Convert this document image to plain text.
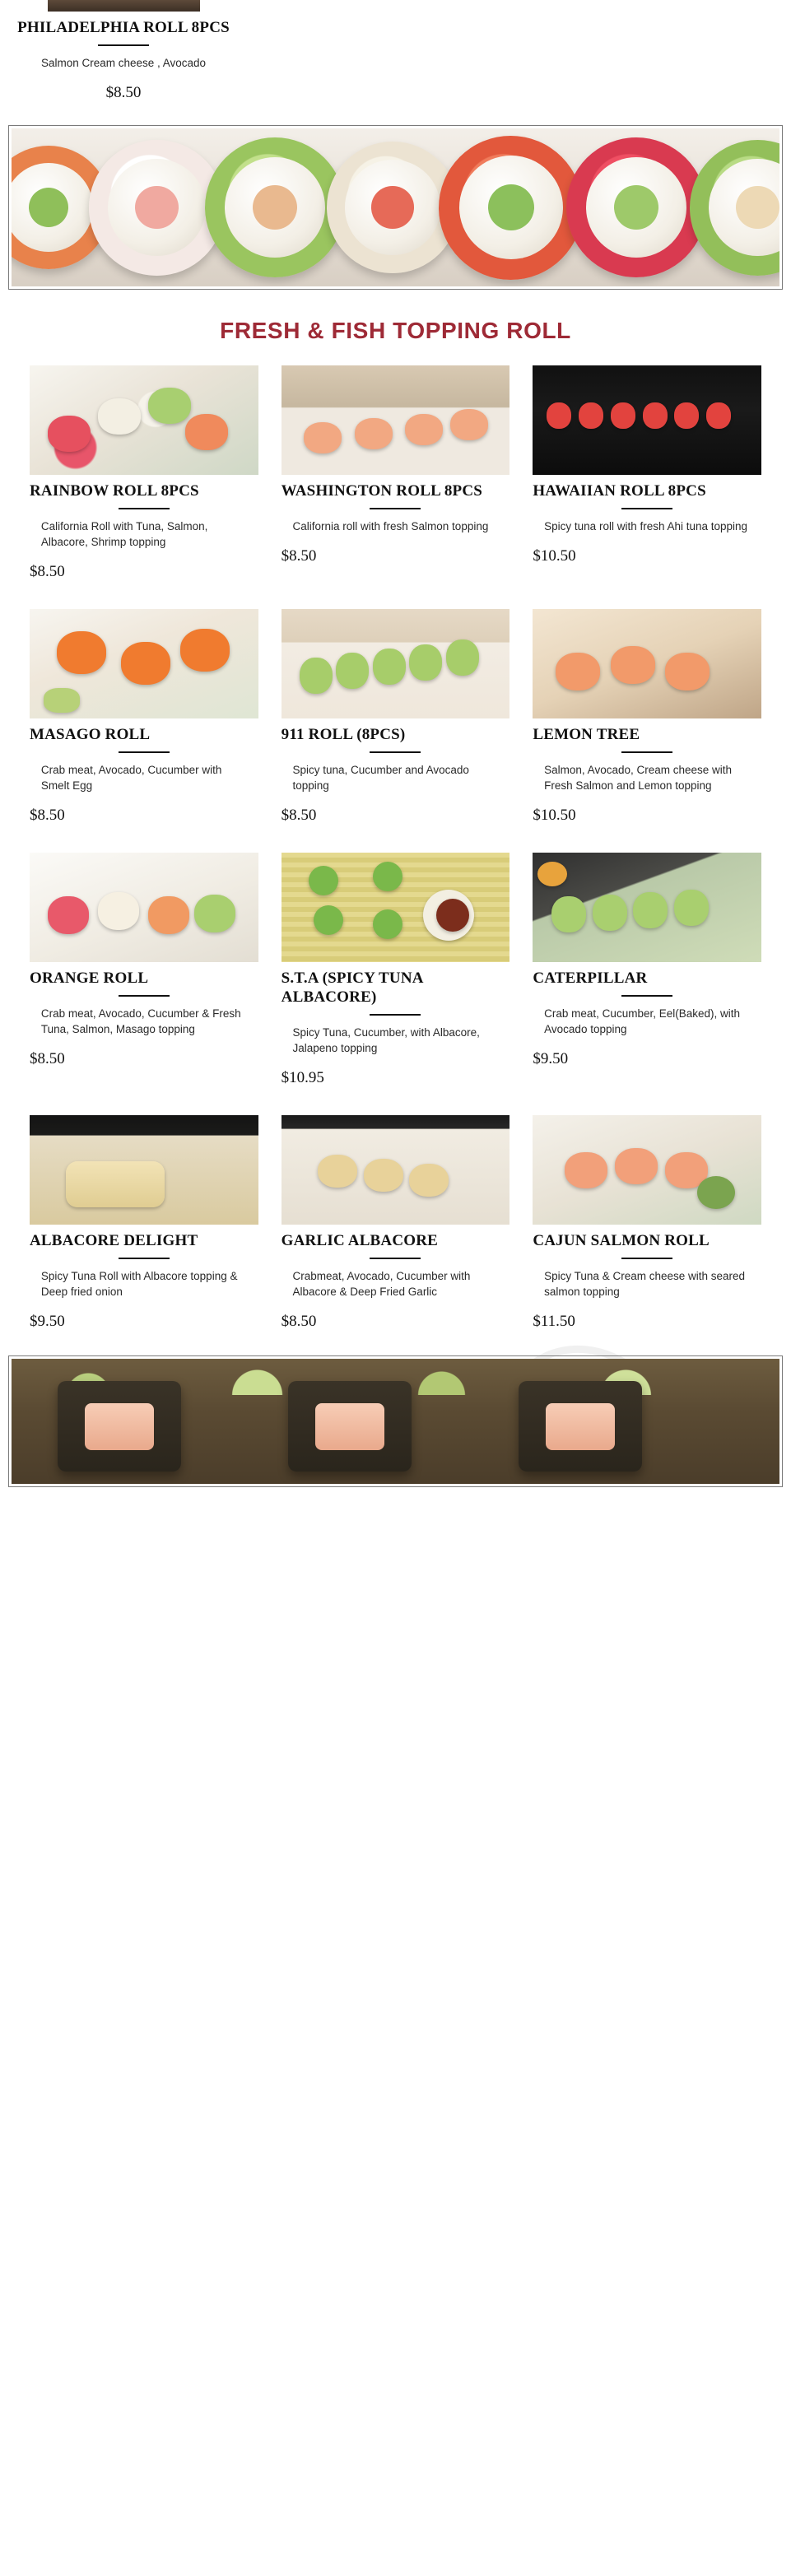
PHILADELPHIA ROLL 8PCS
Salmon Cream cheese , Avocado
$8.50
FRESH & FISH TOPPING ROLL
RAINBOW ROLL 8PCS
California Roll with Tuna, Salmon, Albacore, Shrimp topping
$8.50
WASHINGTON ROLL 8PCS
California roll with fresh Salmon topping
$8.50
HAWAIIAN ROLL 8PCS
Spicy tuna roll with fresh Ahi tuna topping
$10.50
MASAGO ROLL
Crab meat, Avocado, Cucumber with Smelt Egg
$8.50
911 ROLL (8PCS)
Spicy tuna, Cucumber and Avocado topping
$8.50
LEMON TREE
Salmon, Avocado, Cream cheese with Fresh Salmon and Lemon topping
$10.50
ORANGE ROLL
Crab meat, Avocado, Cucumber & Fresh Tuna, Salmon, Masago topping
$8.50
S.T.A (SPICY TUNA ALBACORE)
Spicy Tuna, Cucumber, with Albacore, Jalapeno topping
$10.95
CATERPILLAR
Crab meat, Cucumber, Eel(Baked), with Avocado topping
$9.50
ALBACORE DELIGHT
Spicy Tuna Roll with Albacore topping & Deep fried onion
$9.50
GARLIC ALBACORE
Crabmeat, Avocado, Cucumber with Albacore & Deep Fried Garlic
$8.50
CAJUN SALMON ROLL
Spicy Tuna & Cream cheese with seared salmon topping
$11.50
